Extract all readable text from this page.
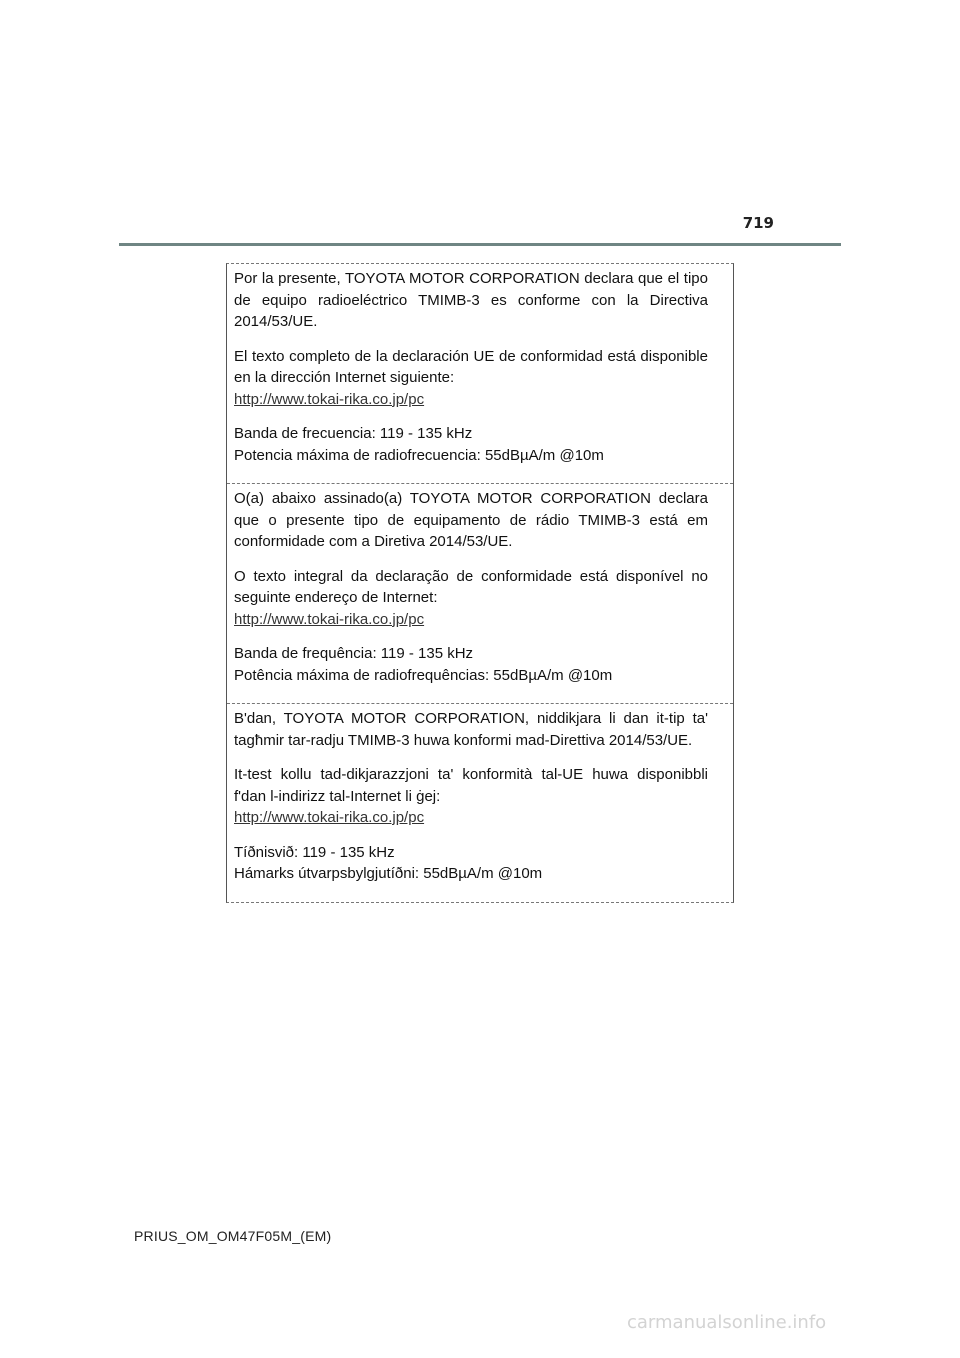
719

Por la presente, TOYOTA MOTOR CORPORATION declara que el tipo de equipo radioeléctrico TMIMB-3 es conforme con la Directiva 2014/53/UE.

El texto completo de la declaración UE de conformidad está disponible en la dirección Internet siguiente:
http://www.tokai-rika.co.jp/pc

Banda de frecuencia: 119 - 135 kHz
Potencia máxima de radiofrecuencia: 55dBµA/m @10m

O(a) abaixo assinado(a) TOYOTA MOTOR CORPORATION declara que o presente tipo de equipamento de rádio TMIMB-3 está em conformidade com a Diretiva 2014/53/UE.

O texto integral da declaração de conformidade está disponível no seguinte endereço de Internet:
http://www.tokai-rika.co.jp/pc

Banda de frequência: 119 - 135 kHz
Potência máxima de radiofrequências: 55dBµA/m @10m

B'dan, TOYOTA MOTOR CORPORATION, niddikjara li dan it-tip ta' tagħmir tar-radju TMIMB-3 huwa konformi mad-Direttiva 2014/53/UE.

It-test kollu tad-dikjarazzjoni ta' konformità tal-UE huwa disponibbli f'dan l-indirizz tal-Internet li ġej:
http://www.tokai-rika.co.jp/pc

Tíðnisvið: 119 - 135 kHz
Hámarks útvarpsbylgjutíðni: 55dBµA/m @10m

PRIUS_OM_OM47F05M_(EM)
carmanualsonline.info
